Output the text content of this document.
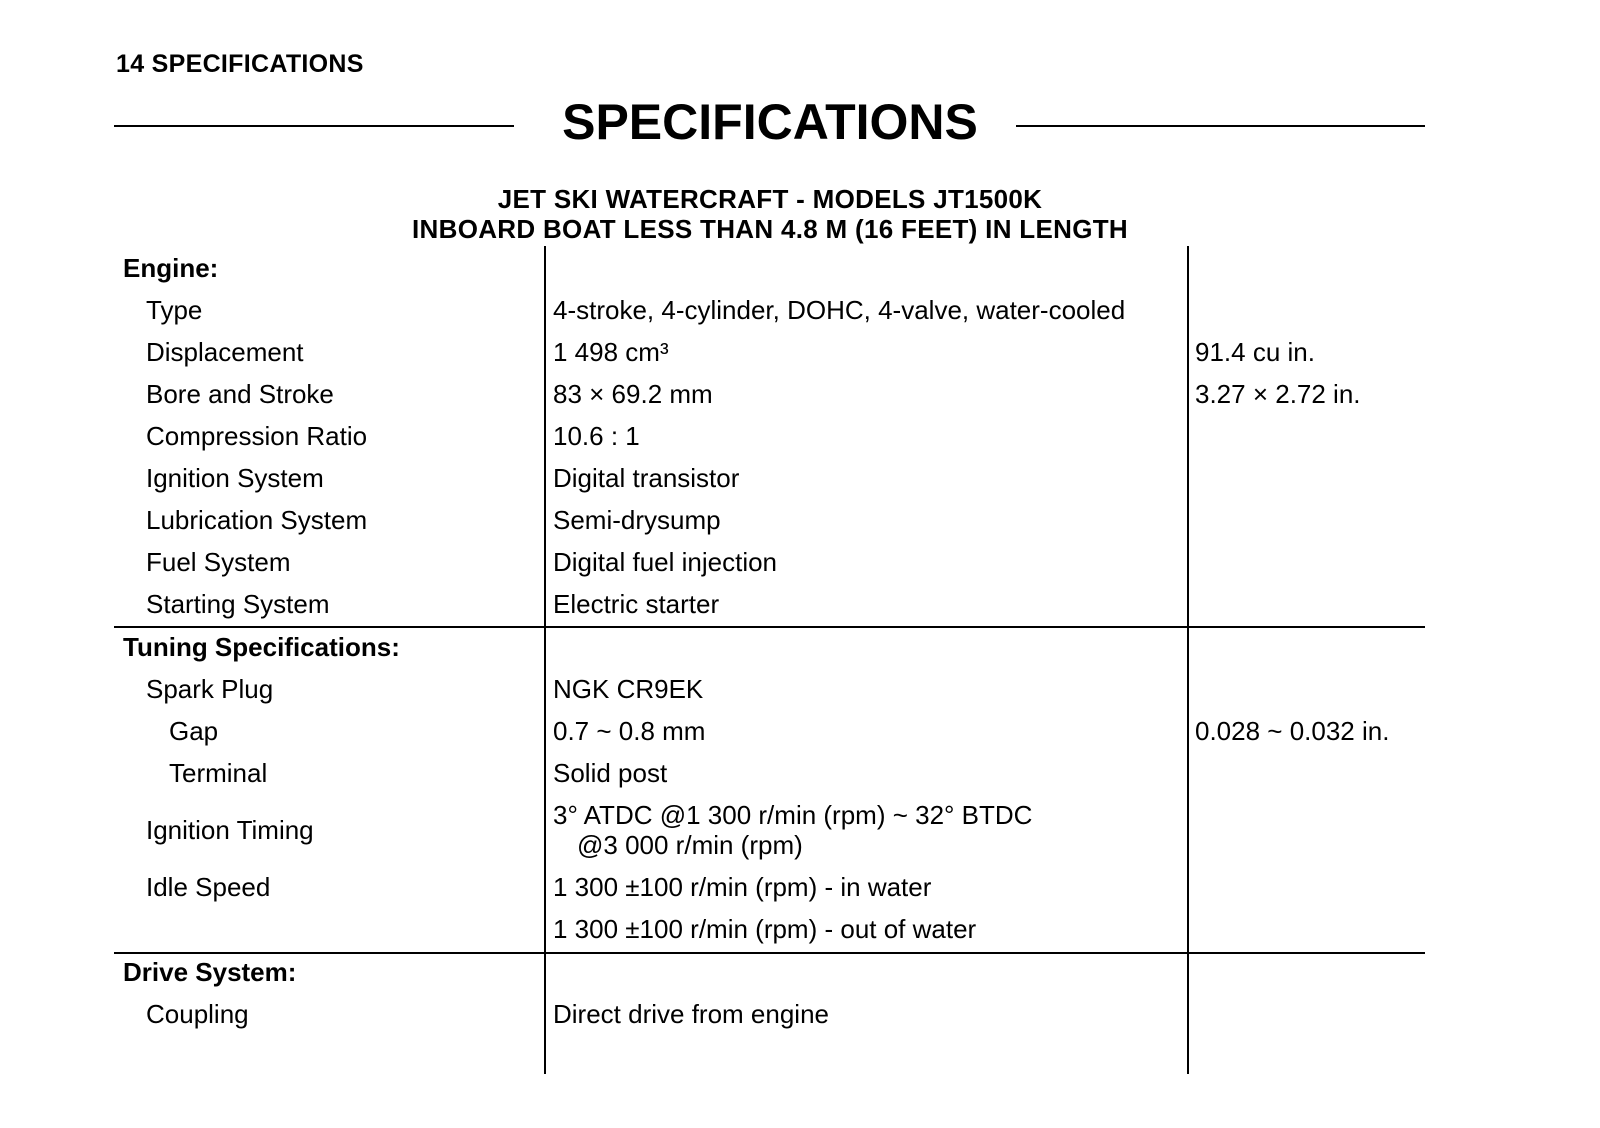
14 SPECIFICATIONS
SPECIFICATIONS
JET SKI WATERCRAFT - MODELS JT1500K
INBOARD BOAT LESS THAN 4.8 M (16 FEET) IN LENGTH
Engine:
Type	4-stroke, 4-cylinder, DOHC, 4-valve, water-cooled
Displacement	1 498 cm³	91.4 cu in.
Bore and Stroke	83 × 69.2 mm	3.27 × 2.72 in.
Compression Ratio	10.6 : 1
Ignition System	Digital transistor
Lubrication System	Semi-drysump
Fuel System	Digital fuel injection
Starting System	Electric starter
Tuning Specifications:
Spark Plug	NGK CR9EK
Gap	0.7 ~ 0.8 mm	0.028 ~ 0.032 in.
Terminal	Solid post
Ignition Timing	3° ATDC @1 300 r/min (rpm) ~ 32° BTDC
@3 000 r/min (rpm)
Idle Speed	1 300 ±100 r/min (rpm) - in water
1 300 ±100 r/min (rpm) - out of water
Drive System:
Coupling	Direct drive from engine
